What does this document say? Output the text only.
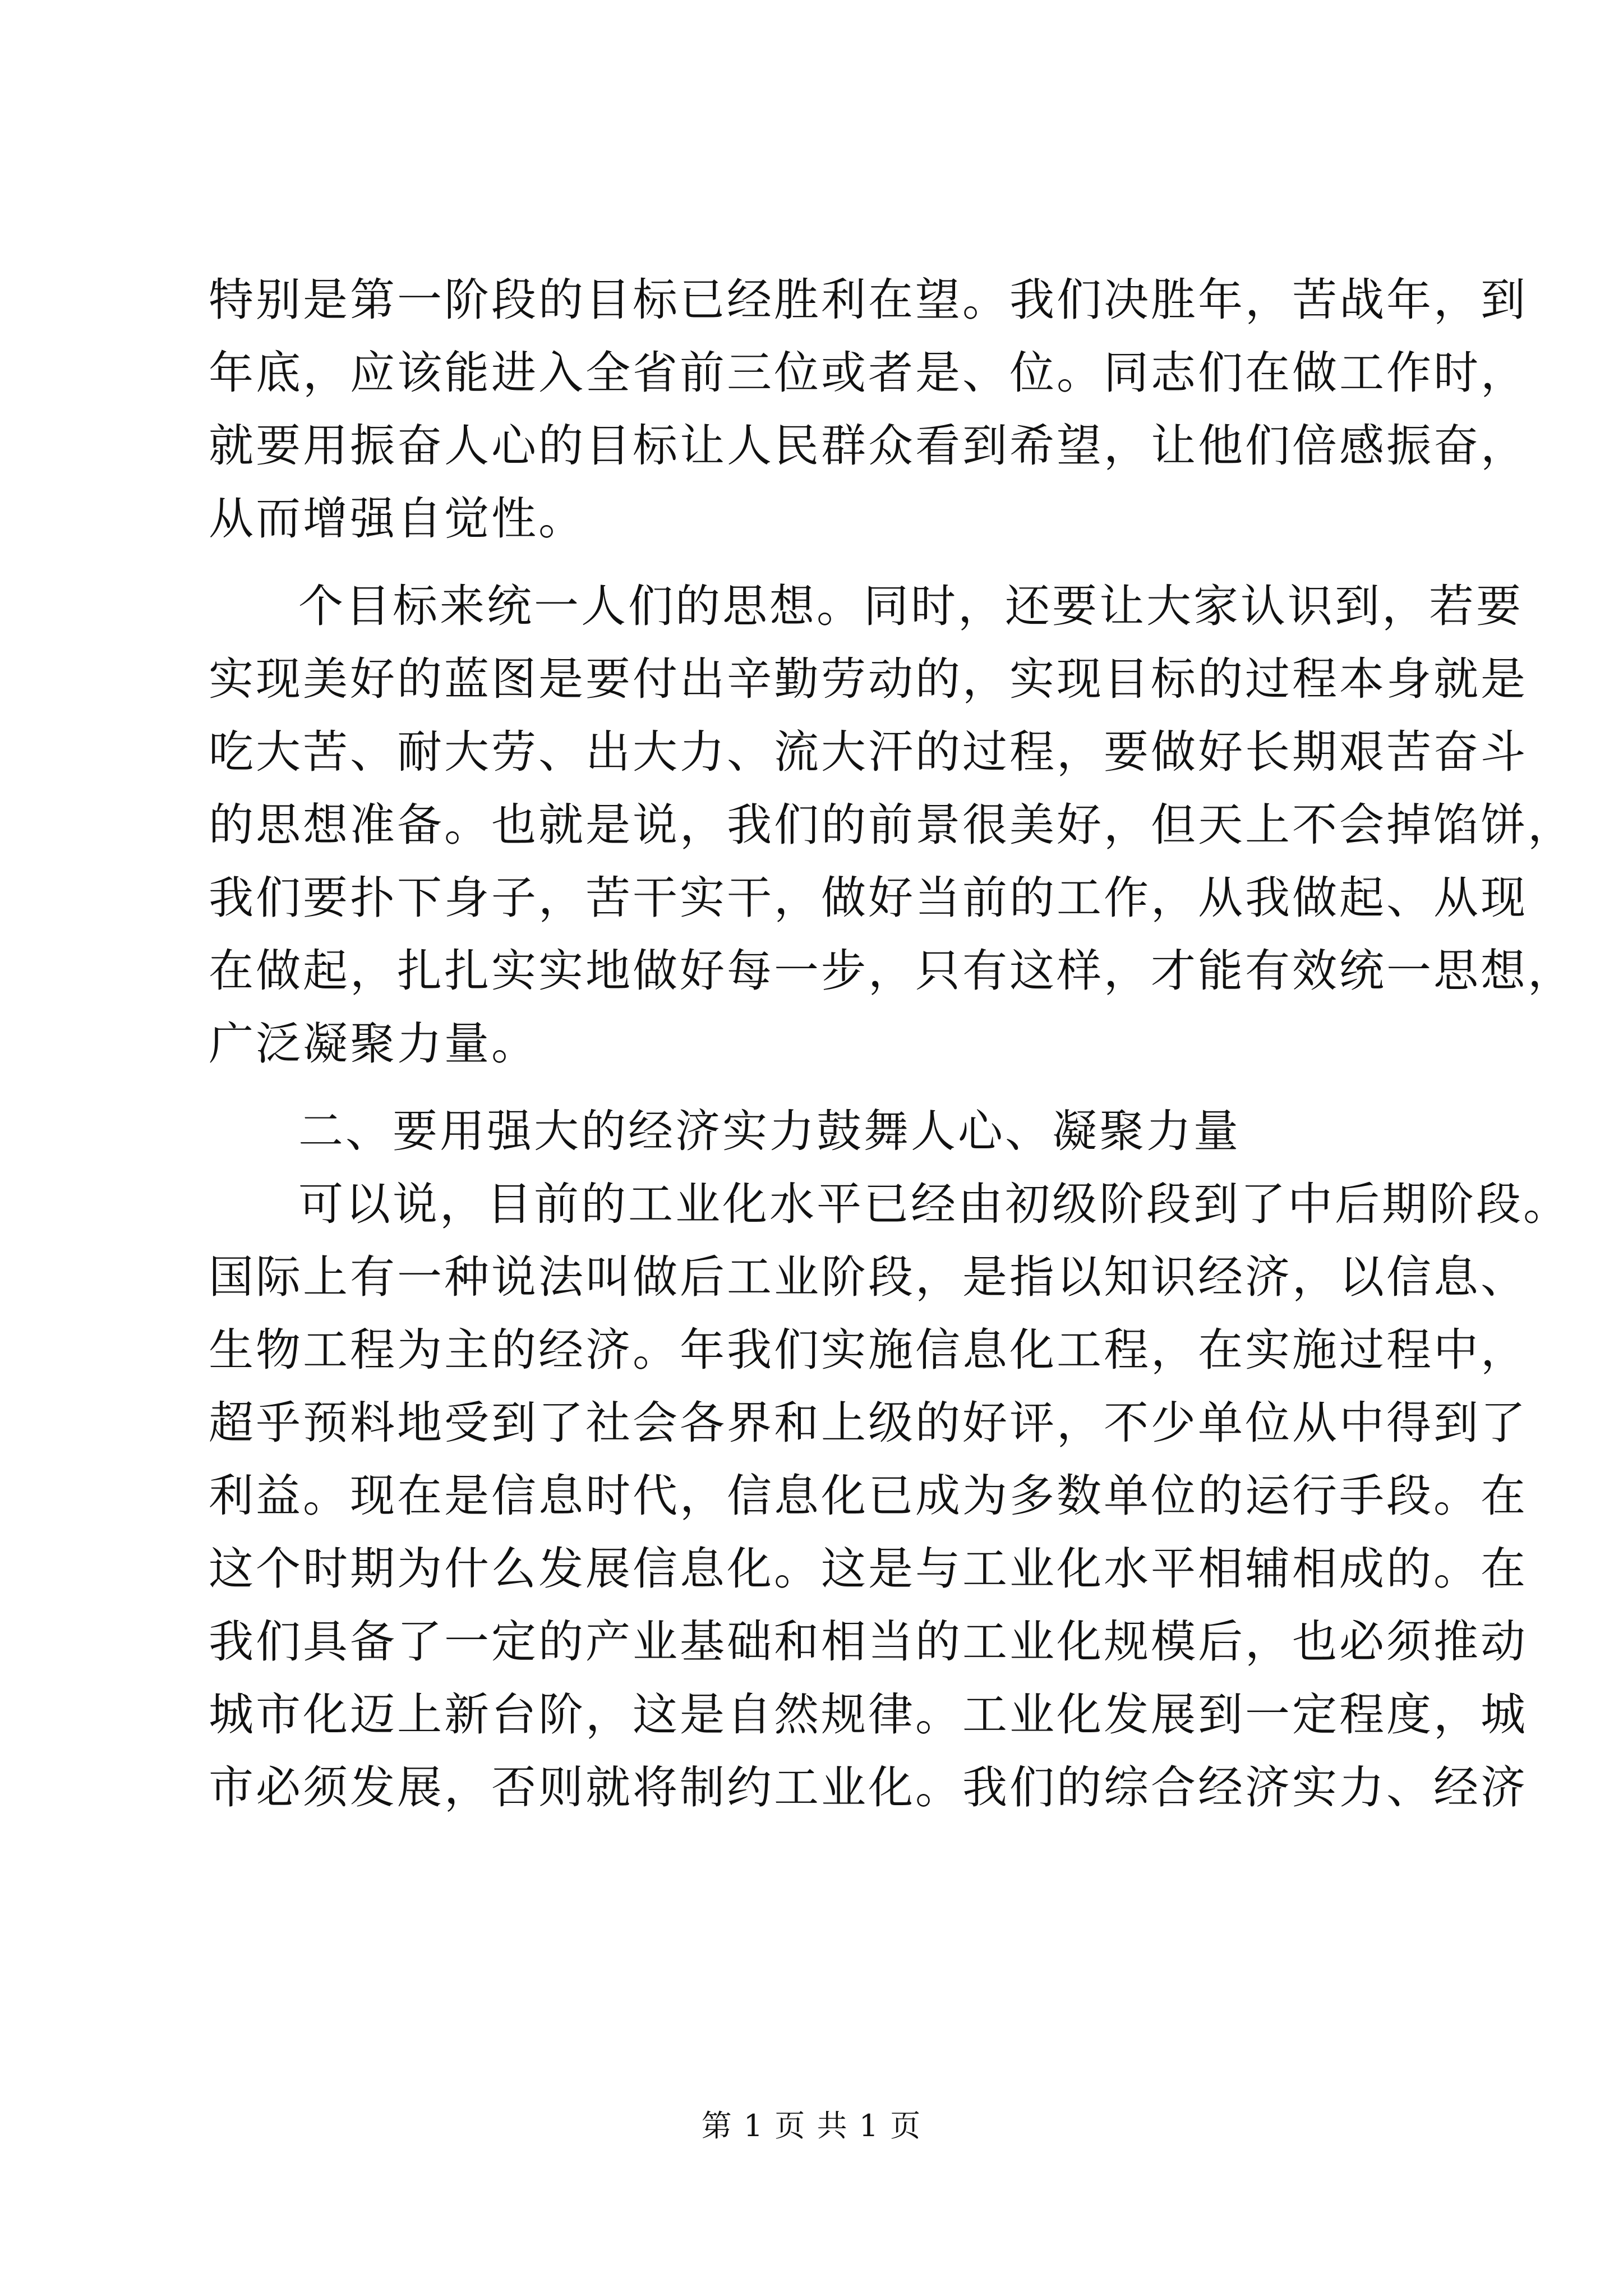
特别是第一阶段的目标已经胜利在望。我们决胜年，苦战年，到
年底，应该能进入全省前三位或者是、位。同志们在做工作时，
就要用振奋人心的目标让人民群众看到希望，让他们倍感振奋，
从而增强自觉性。
个目标来统一人们的思想。同时，还要让大家认识到，若要
实现美好的蓝图是要付出辛勤劳动的，实现目标的过程本身就是
吃大苦、耐大劳、出大力、流大汗的过程，要做好长期艰苦奋斗
的思想准备。也就是说，我们的前景很美好，但天上不会掉馅饼，
我们要扑下身子，苦干实干，做好当前的工作，从我做起、从现
在做起，扎扎实实地做好每一步，只有这样，才能有效统一思想，
广泛凝聚力量。
二、要用强大的经济实力鼓舞人心、凝聚力量
可以说，目前的工业化水平已经由初级阶段到了中后期阶段。
国际上有一种说法叫做后工业阶段，是指以知识经济，以信息、
生物工程为主的经济。年我们实施信息化工程，在实施过程中，
超乎预料地受到了社会各界和上级的好评，不少单位从中得到了
利益。现在是信息时代，信息化已成为多数单位的运行手段。在
这个时期为什么发展信息化。这是与工业化水平相辅相成的。在
我们具备了一定的产业基础和相当的工业化规模后，也必须推动
城市化迈上新台阶，这是自然规律。工业化发展到一定程度，城
市必须发展，否则就将制约工业化。我们的综合经济实力、经济
第 1 页 共 1 页
